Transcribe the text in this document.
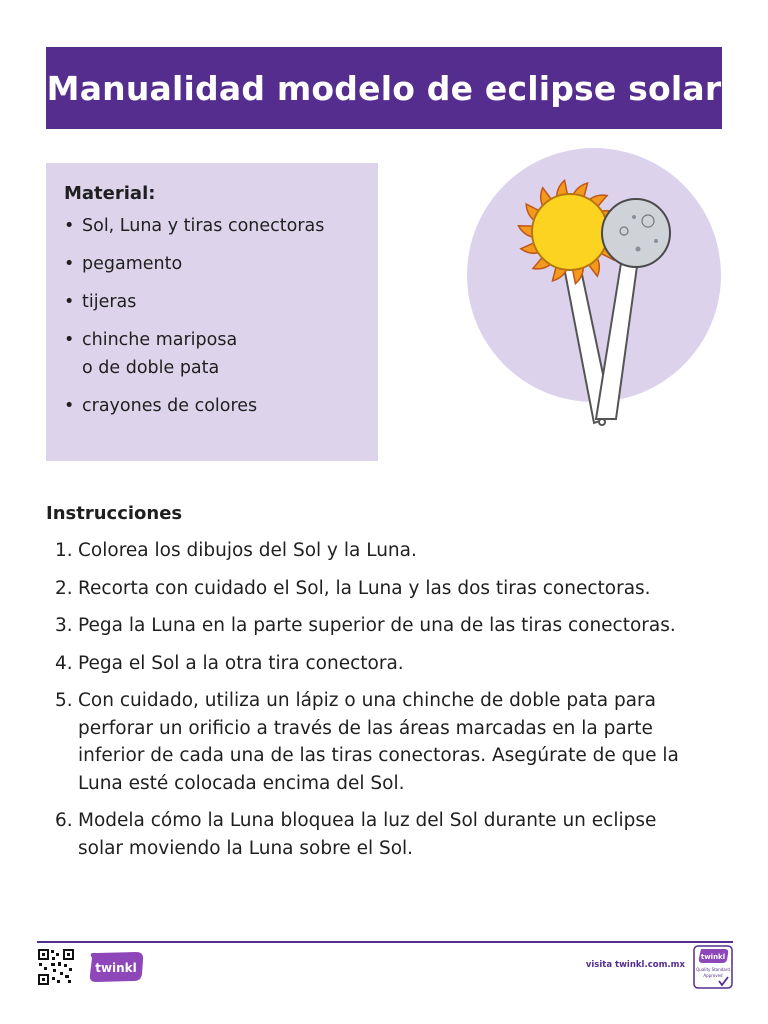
Manualidad modelo de eclipse solar

Material:

• Sol, Luna y tiras conectoras
• pegamento
• tijeras
• chinche mariposa
o de doble pata
• crayones de colores

Instrucciones

1. Colorea los dibujos del Sol y la Luna.
2. Recorta con cuidado el Sol, la Luna y las dos tiras conectoras.
3. Pega la Luna en la parte superior de una de las tiras conectoras.
4. Pega el Sol a la otra tira conectora.
5. Con cuidado, utiliza un lápiz o una chinche de doble pata para
perforar un orificio a través de las áreas marcadas en la parte
inferior de cada una de las tiras conectoras. Asegúrate de que la
Luna esté colocada encima del Sol.
6. Modela cómo la Luna bloquea la luz del Sol durante un eclipse
solar moviendo la Luna sobre el Sol.
twinkl	visita twinkl.com.mx
twinkl
Quality Standard
Approved
